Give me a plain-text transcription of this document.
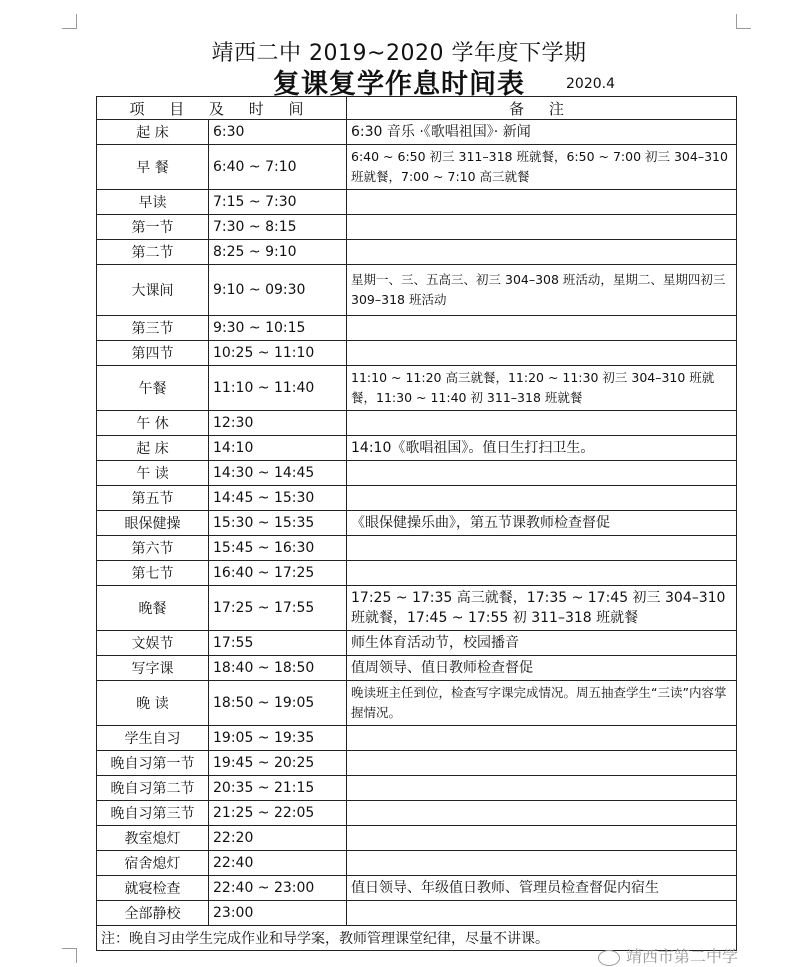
靖西二中 2019~2020 学年度下学期
复课复学作息时间表	2020.4
项 目 及 时 间		备 注
起 床	6:30	6:30 音乐 ·《歌唱祖国》· 新闻
早 餐	6:40 ~ 7:10	6:40 ~ 6:50 初三 311–318 班就餐，6:50 ~ 7:00 初三 304–310 班就餐，7:00 ~ 7:10 高三就餐
早读	7:15 ~ 7:30	
第一节	7:30 ~ 8:15	
第二节	8:25 ~ 9:10	
大课间	9:10 ~ 09:30	星期一、三、五高三、初三 304–308 班活动，星期二、星期四初三 309–318 班活动
第三节	9:30 ~ 10:15	
第四节	10:25 ~ 11:10	
午餐	11:10 ~ 11:40	11:10 ~ 11:20 高三就餐，11:20 ~ 11:30 初三 304–310 班就餐，11:30 ~ 11:40 初 311–318 班就餐
午 休	12:30	
起 床	14:10	14:10《歌唱祖国》。值日生打扫卫生。
午 读	14:30 ~ 14:45	
第五节	14:45 ~ 15:30	
眼保健操	15:30 ~ 15:35	《眼保健操乐曲》，第五节课教师检查督促
第六节	15:45 ~ 16:30	
第七节	16:40 ~ 17:25	
晚餐	17:25 ~ 17:55	17:25 ~ 17:35 高三就餐，17:35 ~ 17:45 初三 304–310 班就餐，17:45 ~ 17:55 初 311–318 班就餐
文娱节	17:55	师生体育活动节，校园播音
写字课	18:40 ~ 18:50	值周领导、值日教师检查督促
晚 读	18:50 ~ 19:05	晚读班主任到位，检查写字课完成情况。周五抽查学生“三读”内容掌握情况。
学生自习	19:05 ~ 19:35	
晚自习第一节	19:45 ~ 20:25	
晚自习第二节	20:35 ~ 21:15	
晚自习第三节	21:25 ~ 22:05	
教室熄灯	22:20	
宿舍熄灯	22:40	
就寝检查	22:40 ~ 23:00	值日领导、年级值日教师、管理员检查督促内宿生
全部静校	23:00	
注：晚自习由学生完成作业和导学案，教师管理课堂纪律，尽量不讲课。		
靖西市第二中学
